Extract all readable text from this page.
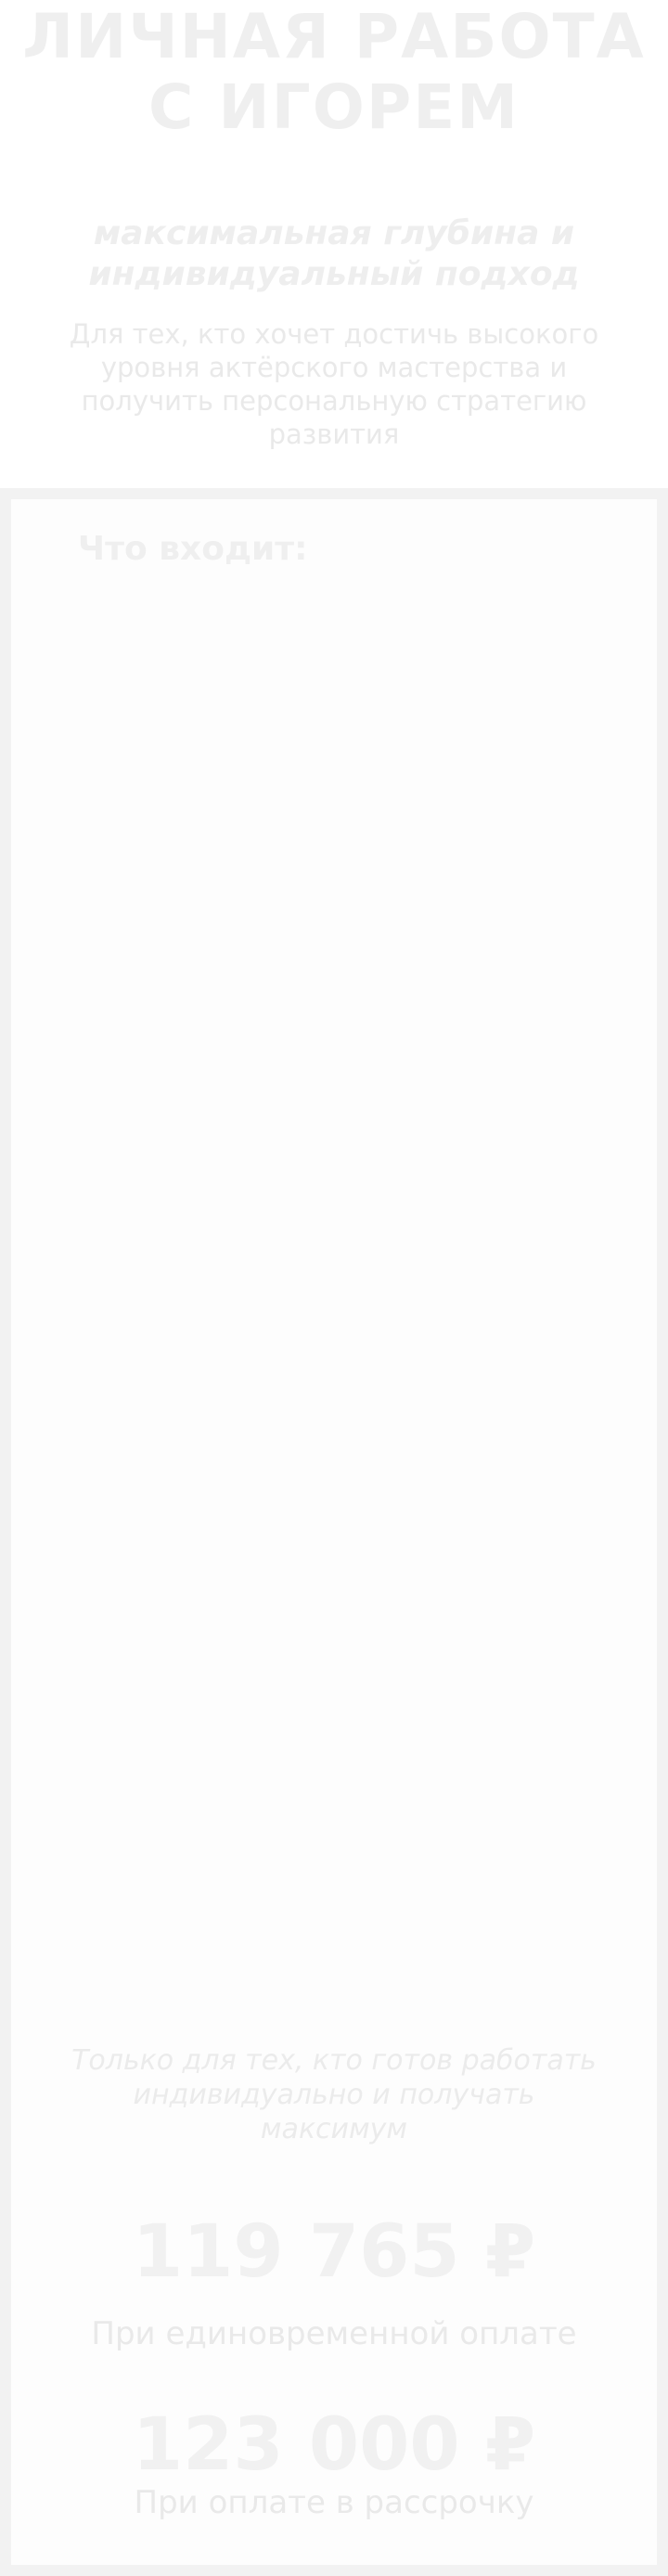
ЛИЧНАЯ РАБОТА С ИГОРЕМ

максимальная глубина и индивидуальный подход

Для тех, кто хочет достичь высокого уровня актёрского мастерства и получить персональную стратегию развития

Что входит:

Только для тех, кто готов работать индивидуально и получать максимум

119 765 ₽
При единовременной оплате
123 000 ₽
При оплате в рассрочку
